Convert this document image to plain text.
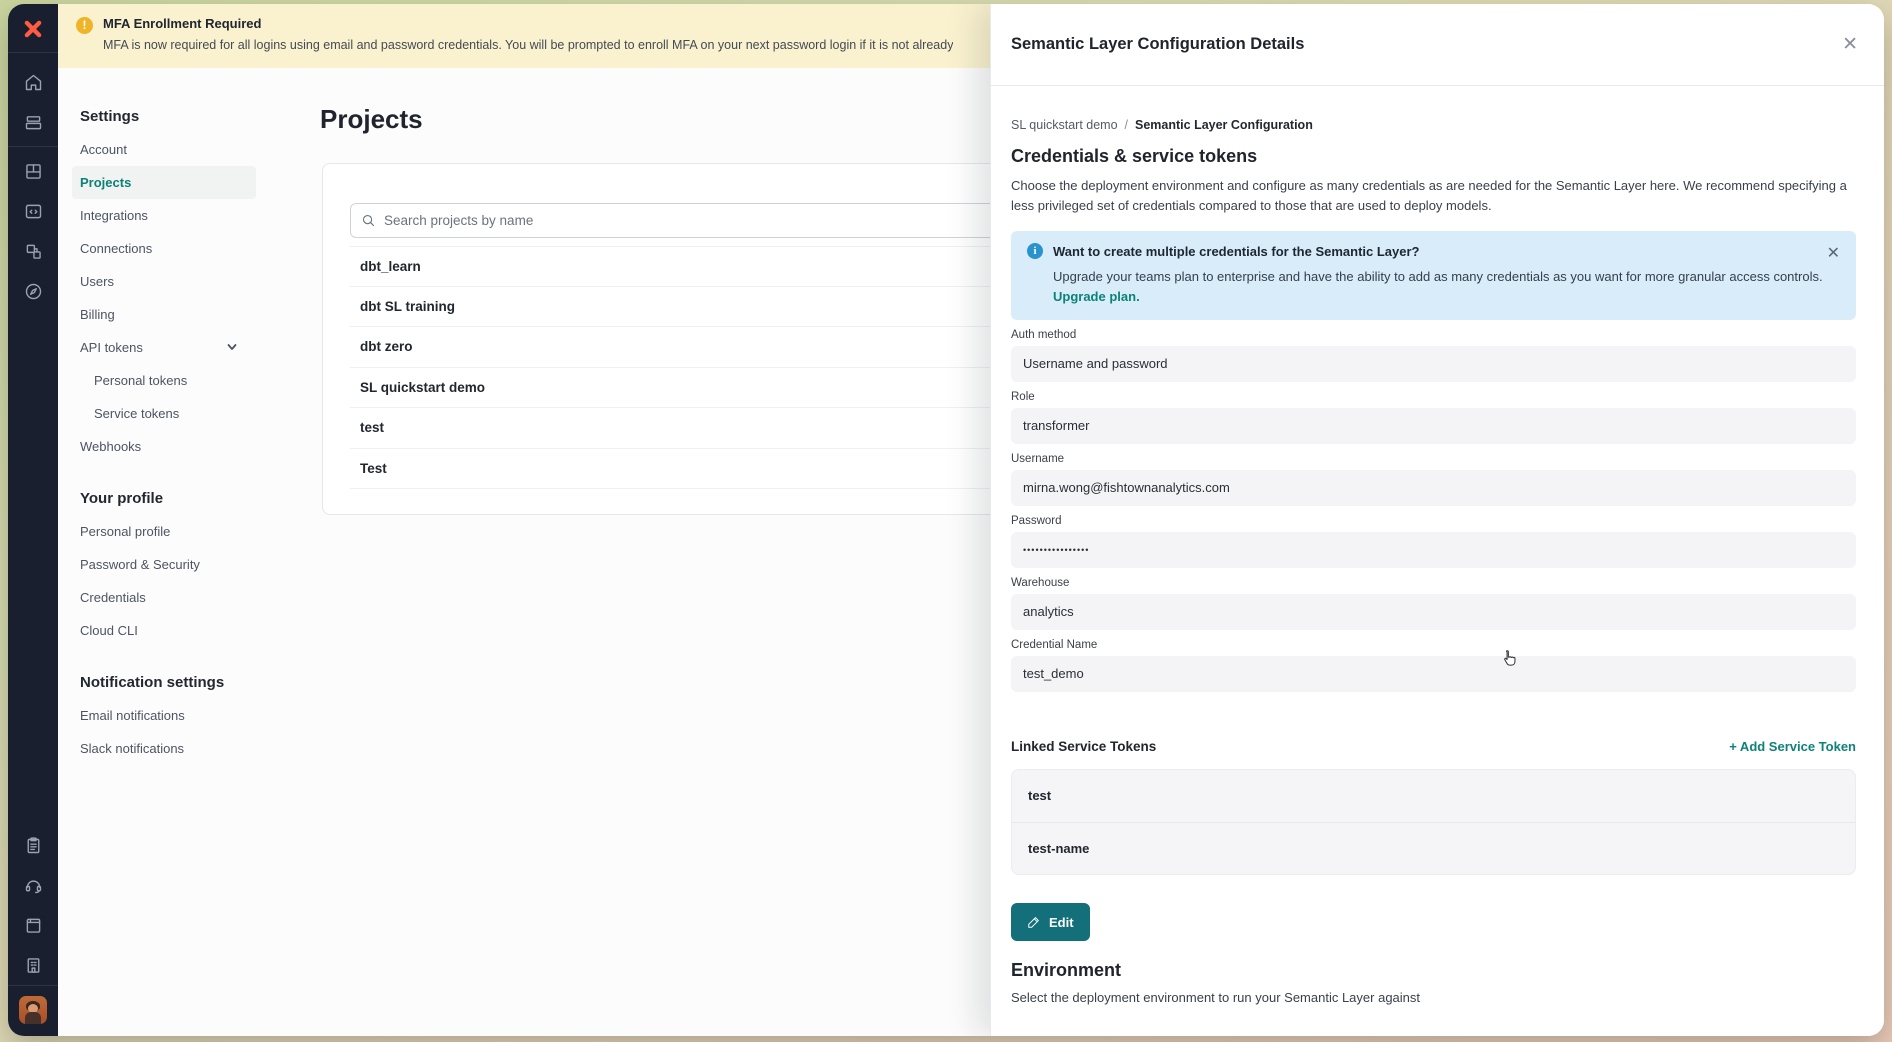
!	MFA Enrollment Required
MFA is now required for all logins using email and password credentials. You will be prompted to enroll MFA on your next password login if it is not already
Settings
Account
Projects
Integrations
Connections
Users
Billing
API tokens
Personal tokens
Service tokens
Webhooks
Your profile
Personal profile
Password & Security
Credentials
Cloud CLI
Notification settings
Email notifications
Slack notifications
Projects
Search projects by name
dbt_learn
dbt SL training
dbt zero
SL quickstart demo
test
Test
Semantic Layer Configuration Details	✕
SL quickstart demo / Semantic Layer Configuration
Credentials & service tokens

Choose the deployment environment and configure as many credentials as are needed for the Semantic Layer here. We recommend specifying a less privileged set of credentials compared to those that are used to deploy models.

i	Want to create multiple credentials for the Semantic Layer?	✕
Upgrade your teams plan to enterprise and have the ability to add as many credentials as you want for more granular access controls.
Upgrade plan.
Auth method
Username and password
Role
transformer
Username
mirna.wong@fishtownanalytics.com
Password
••••••••••••••••
Warehouse
analytics
Credential Name
test_demo
Linked Service Tokens	+ Add Service Token
test
test-name
Edit
Environment

Select the deployment environment to run your Semantic Layer against
